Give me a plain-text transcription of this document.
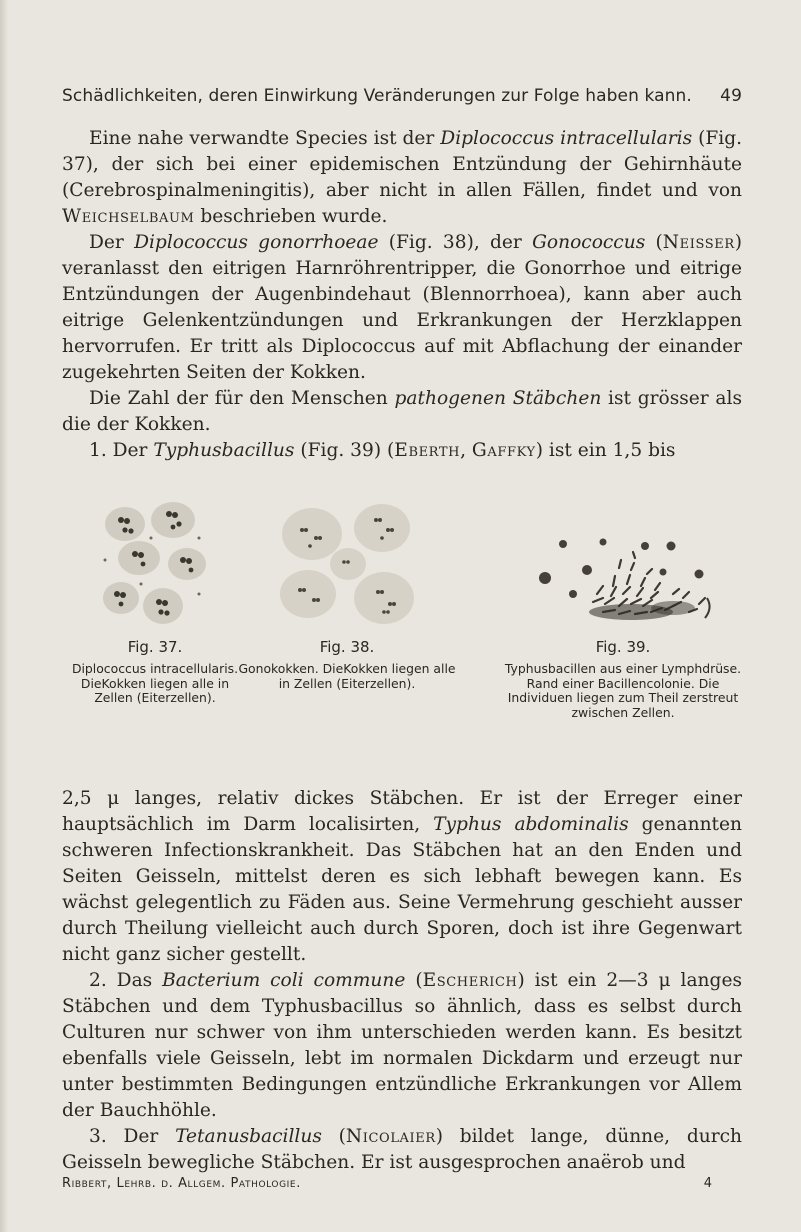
Schädlichkeiten, deren Einwirkung Veränderungen zur Folge haben kann. 49

Eine nahe verwandte Species ist der Diplococcus intracellularis (Fig. 37), der sich bei einer epidemischen Entzündung der Gehirnhäute (Cerebrospinalmeningitis), aber nicht in allen Fällen, findet und von Weichselbaum beschrieben wurde.

Der Diplococcus gonorrhoeae (Fig. 38), der Gonococcus (Neisser) veranlasst den eitrigen Harnröhrentripper, die Gonorrhoe und eitrige Entzündungen der Augenbindehaut (Blennorrhoea), kann aber auch eitrige Gelenkentzündungen und Erkrankungen der Herzklappen hervorrufen. Er tritt als Diplococcus auf mit Abflachung der einander zugekehrten Seiten der Kokken.

Die Zahl der für den Menschen pathogenen Stäbchen ist grösser als die der Kokken.

1. Der Typhusbacillus (Fig. 39) (Eberth, Gaffky) ist ein 1,5 bis

Fig. 37.
Diplococcus intracellularis. DieKokken liegen alle in Zellen (Eiterzellen).
Fig. 38.
Gonokokken. DieKokken liegen alle in Zellen (Eiterzellen).
Fig. 39.
Typhusbacillen aus einer Lymphdrüse. Rand einer Bacillencolonie. Die Individuen liegen zum Theil zerstreut zwischen Zellen.

2,5 μ langes, relativ dickes Stäbchen. Er ist der Erreger einer hauptsächlich im Darm localisirten, Typhus abdominalis genannten schweren Infectionskrankheit. Das Stäbchen hat an den Enden und Seiten Geisseln, mittelst deren es sich lebhaft bewegen kann. Es wächst gelegentlich zu Fäden aus. Seine Vermehrung geschieht ausser durch Theilung vielleicht auch durch Sporen, doch ist ihre Gegenwart nicht ganz sicher gestellt.

2. Das Bacterium coli commune (Escherich) ist ein 2—3 μ langes Stäbchen und dem Typhusbacillus so ähnlich, dass es selbst durch Culturen nur schwer von ihm unterschieden werden kann. Es besitzt ebenfalls viele Geisseln, lebt im normalen Dickdarm und erzeugt nur unter bestimmten Bedingungen entzündliche Erkrankungen vor Allem der Bauchhöhle.

3. Der Tetanusbacillus (Nicolaier) bildet lange, dünne, durch Geisseln bewegliche Stäbchen. Er ist ausgesprochen anaërob und

Ribbert, Lehrb. d. Allgem. Pathologie.	4
